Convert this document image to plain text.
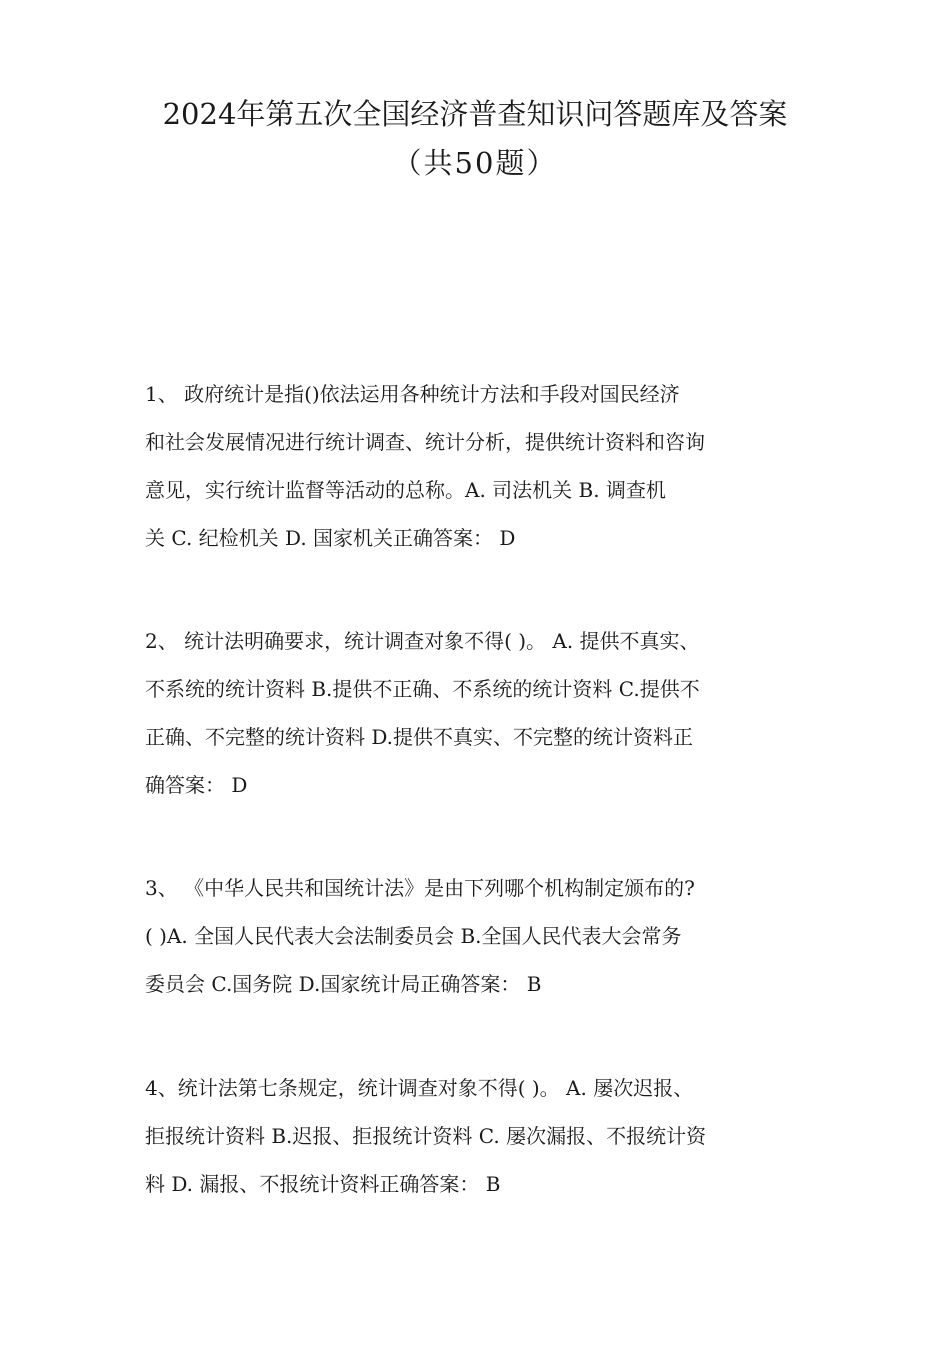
2024年第五次全国经济普查知识问答题库及答案
（共50题）
1、 政府统计是指()依法运用各种统计方法和手段对国民经济
和社会发展情况进行统计调查、统计分析，提供统计资料和咨询
意见，实行统计监督等活动的总称。A. 司法机关 B. 调查机
关 C. 纪检机关 D. 国家机关正确答案： D
2、 统计法明确要求，统计调查对象不得( )。 A. 提供不真实、
不系统的统计资料 B.提供不正确、不系统的统计资料 C.提供不
正确、不完整的统计资料 D.提供不真实、不完整的统计资料正
确答案： D
3、 《中华人民共和国统计法》是由下列哪个机构制定颁布的?
( )A. 全国人民代表大会法制委员会 B.全国人民代表大会常务
委员会 C.国务院 D.国家统计局正确答案： B
4、统计法第七条规定，统计调查对象不得( )。 A. 屡次迟报、
拒报统计资料 B.迟报、拒报统计资料 C. 屡次漏报、不报统计资
料 D. 漏报、不报统计资料正确答案： B
